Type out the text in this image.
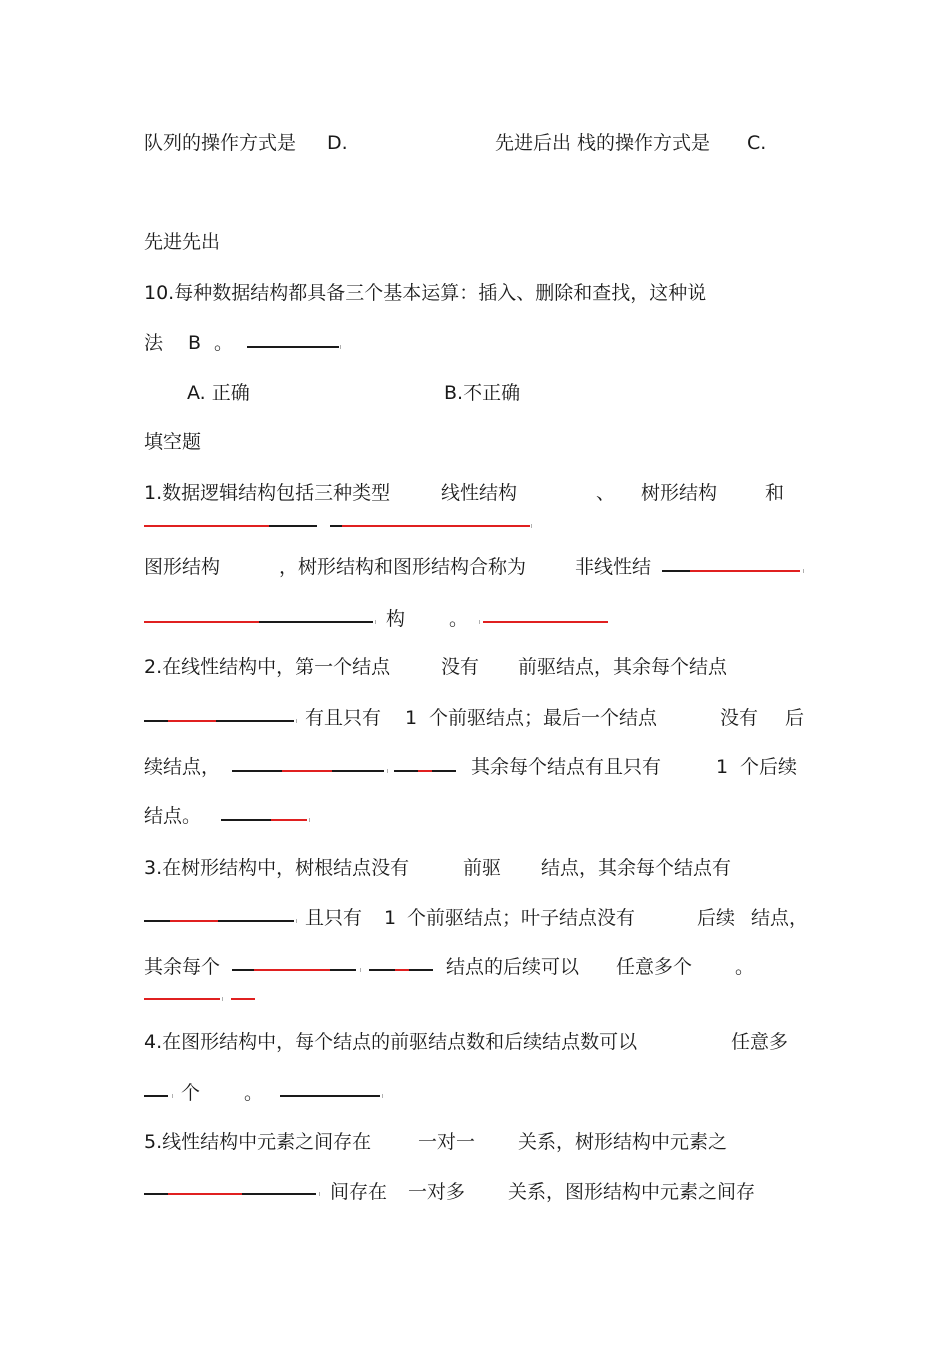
队列的操作方式是 D.	先进后出 栈的操作方式是 C.
先进先出
10.每种数据结构都具备三个基本运算：插入、删除和查找，这种说
法 B 。
A. 正确	B.不正确
填空题
1.数据逻辑结构包括三种类型	线性结构	、 树形结构	和
图形结构	，树形结构和图形结构合称为	非线性结
构 。
2.在线性结构中，第一个结点	没有 前驱结点，其余每个结点
有且只有 1 个前驱结点；最后一个结点	没有 后
续结点，	其余每个结点有且只有	1 个后续
结点。
3.在树形结构中，树根结点没有	前驱 结点，其余每个结点有
且只有 1 个前驱结点；叶子结点没有	后续 结点，
其余每个	结点的后续可以 任意多个 。
4.在图形结构中，每个结点的前驱结点数和后续结点数可以	任意多
个 。
5.线性结构中元素之间存在 一对一 关系，树形结构中元素之
间存在 一对多 关系，图形结构中元素之间存
